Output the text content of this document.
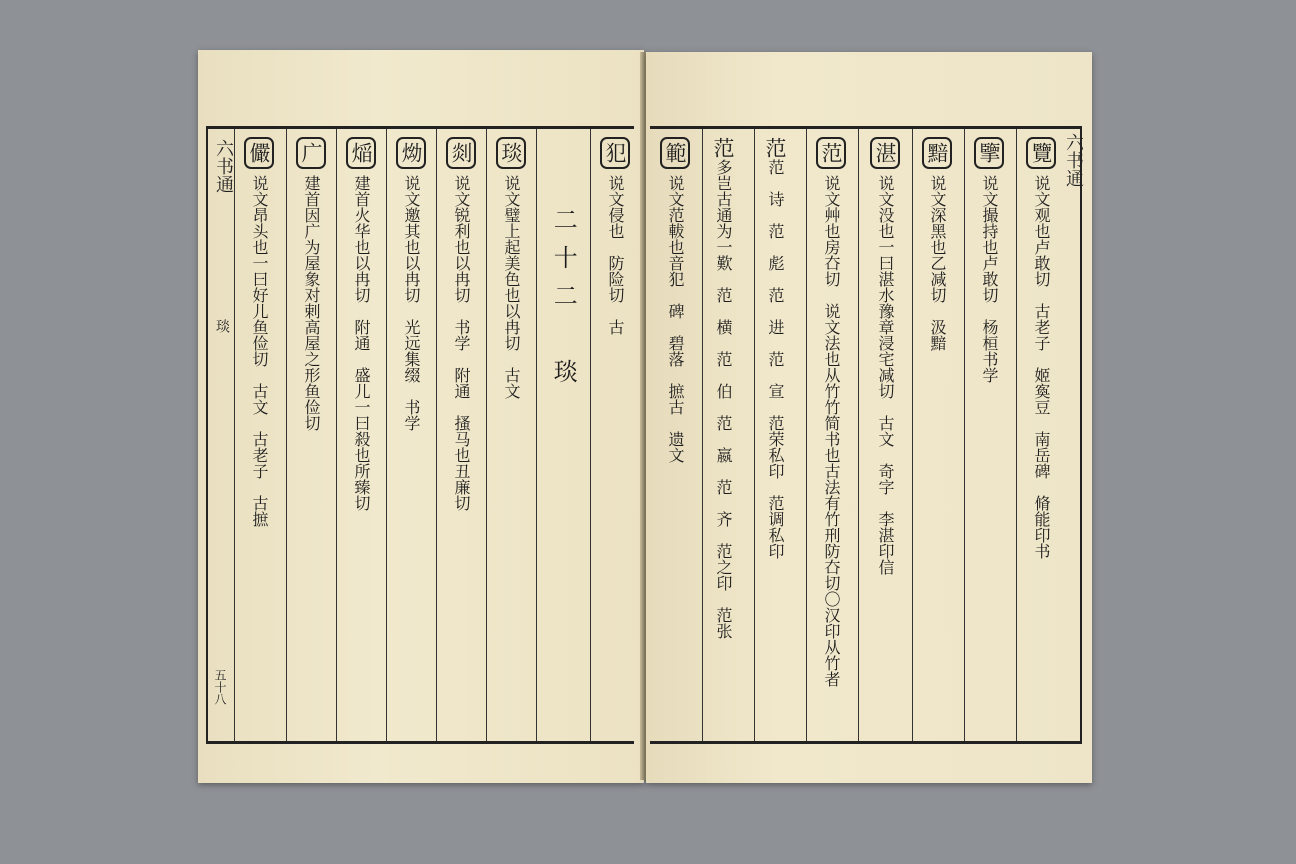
犯说文侵也　防险切　古
二十二　琰
琰说文璧上起美色也以冉切　古文
剡说文锐利也以冉切　书学　附通　搔马也丑廉切
㶭说文邀其也以冉切　光远集缀　书学
㷔建首火华也以冉切　附通　盛儿一曰殺也所臻切
广建首因广为屋象对剌高屋之形鱼俭切
儼说文昂头也一曰好儿鱼俭切　古文　古老子　古摭
六书通
琰
五十八
範说文范軷也音犯　碑　碧落　摭古　遗文
范多岂古通为一歎　范　横　范　伯　范　嬴　范　齐　范之印　范张
范范　诗　范　彪　范　进　范　宣　范荣私印　范调私印
范说文艸也房㚎切　说文法也从竹竹简书也古法有竹刑防㚎切〇汉印从竹者
湛说文没也一曰湛水豫章浸宅减切　古文　奇字　李湛印信
黯说文深黑也乙减切　汲黯
擥说文撮持也卢敢切　杨桓书学
覽说文观也卢敢切　古老子　姬寏豆　南岳碑　脩能印书
六书通
